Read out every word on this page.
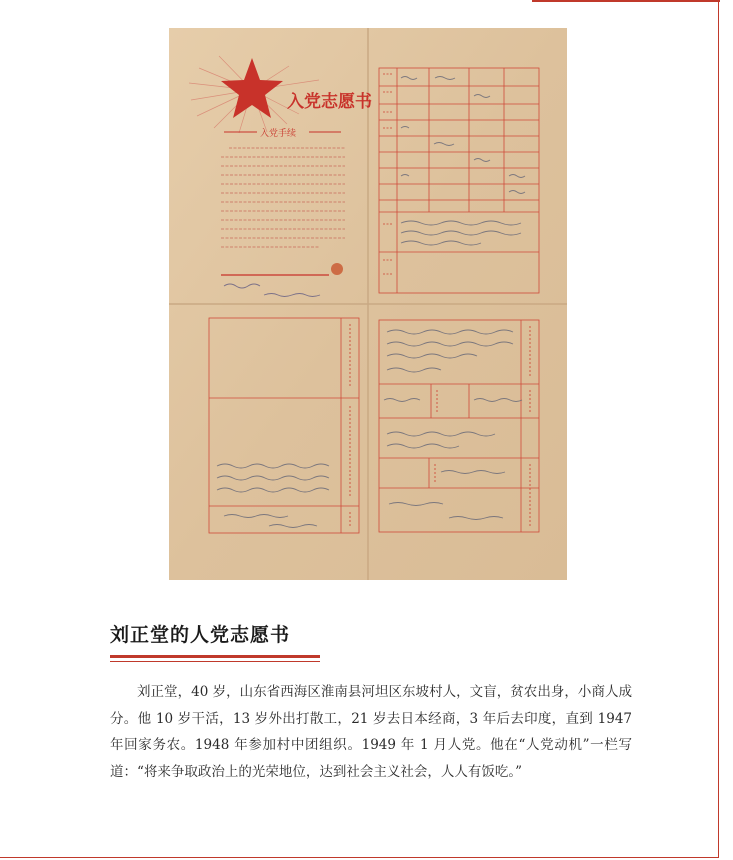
入党志愿书
入党手续
刘正堂的人党志愿书

刘正堂，40 岁，山东省西海区淮南县河坦区东坡村人，文盲，贫农出身，小商人成分。他 10 岁干活，13 岁外出打散工，21 岁去日本经商，3 年后去印度，直到 1947 年回家务农。1948 年参加村中团组织。1949 年 1 月人党。他在“人党动机”一栏写道：“将来争取政治上的光荣地位，达到社会主义社会，人人有饭吃。”
